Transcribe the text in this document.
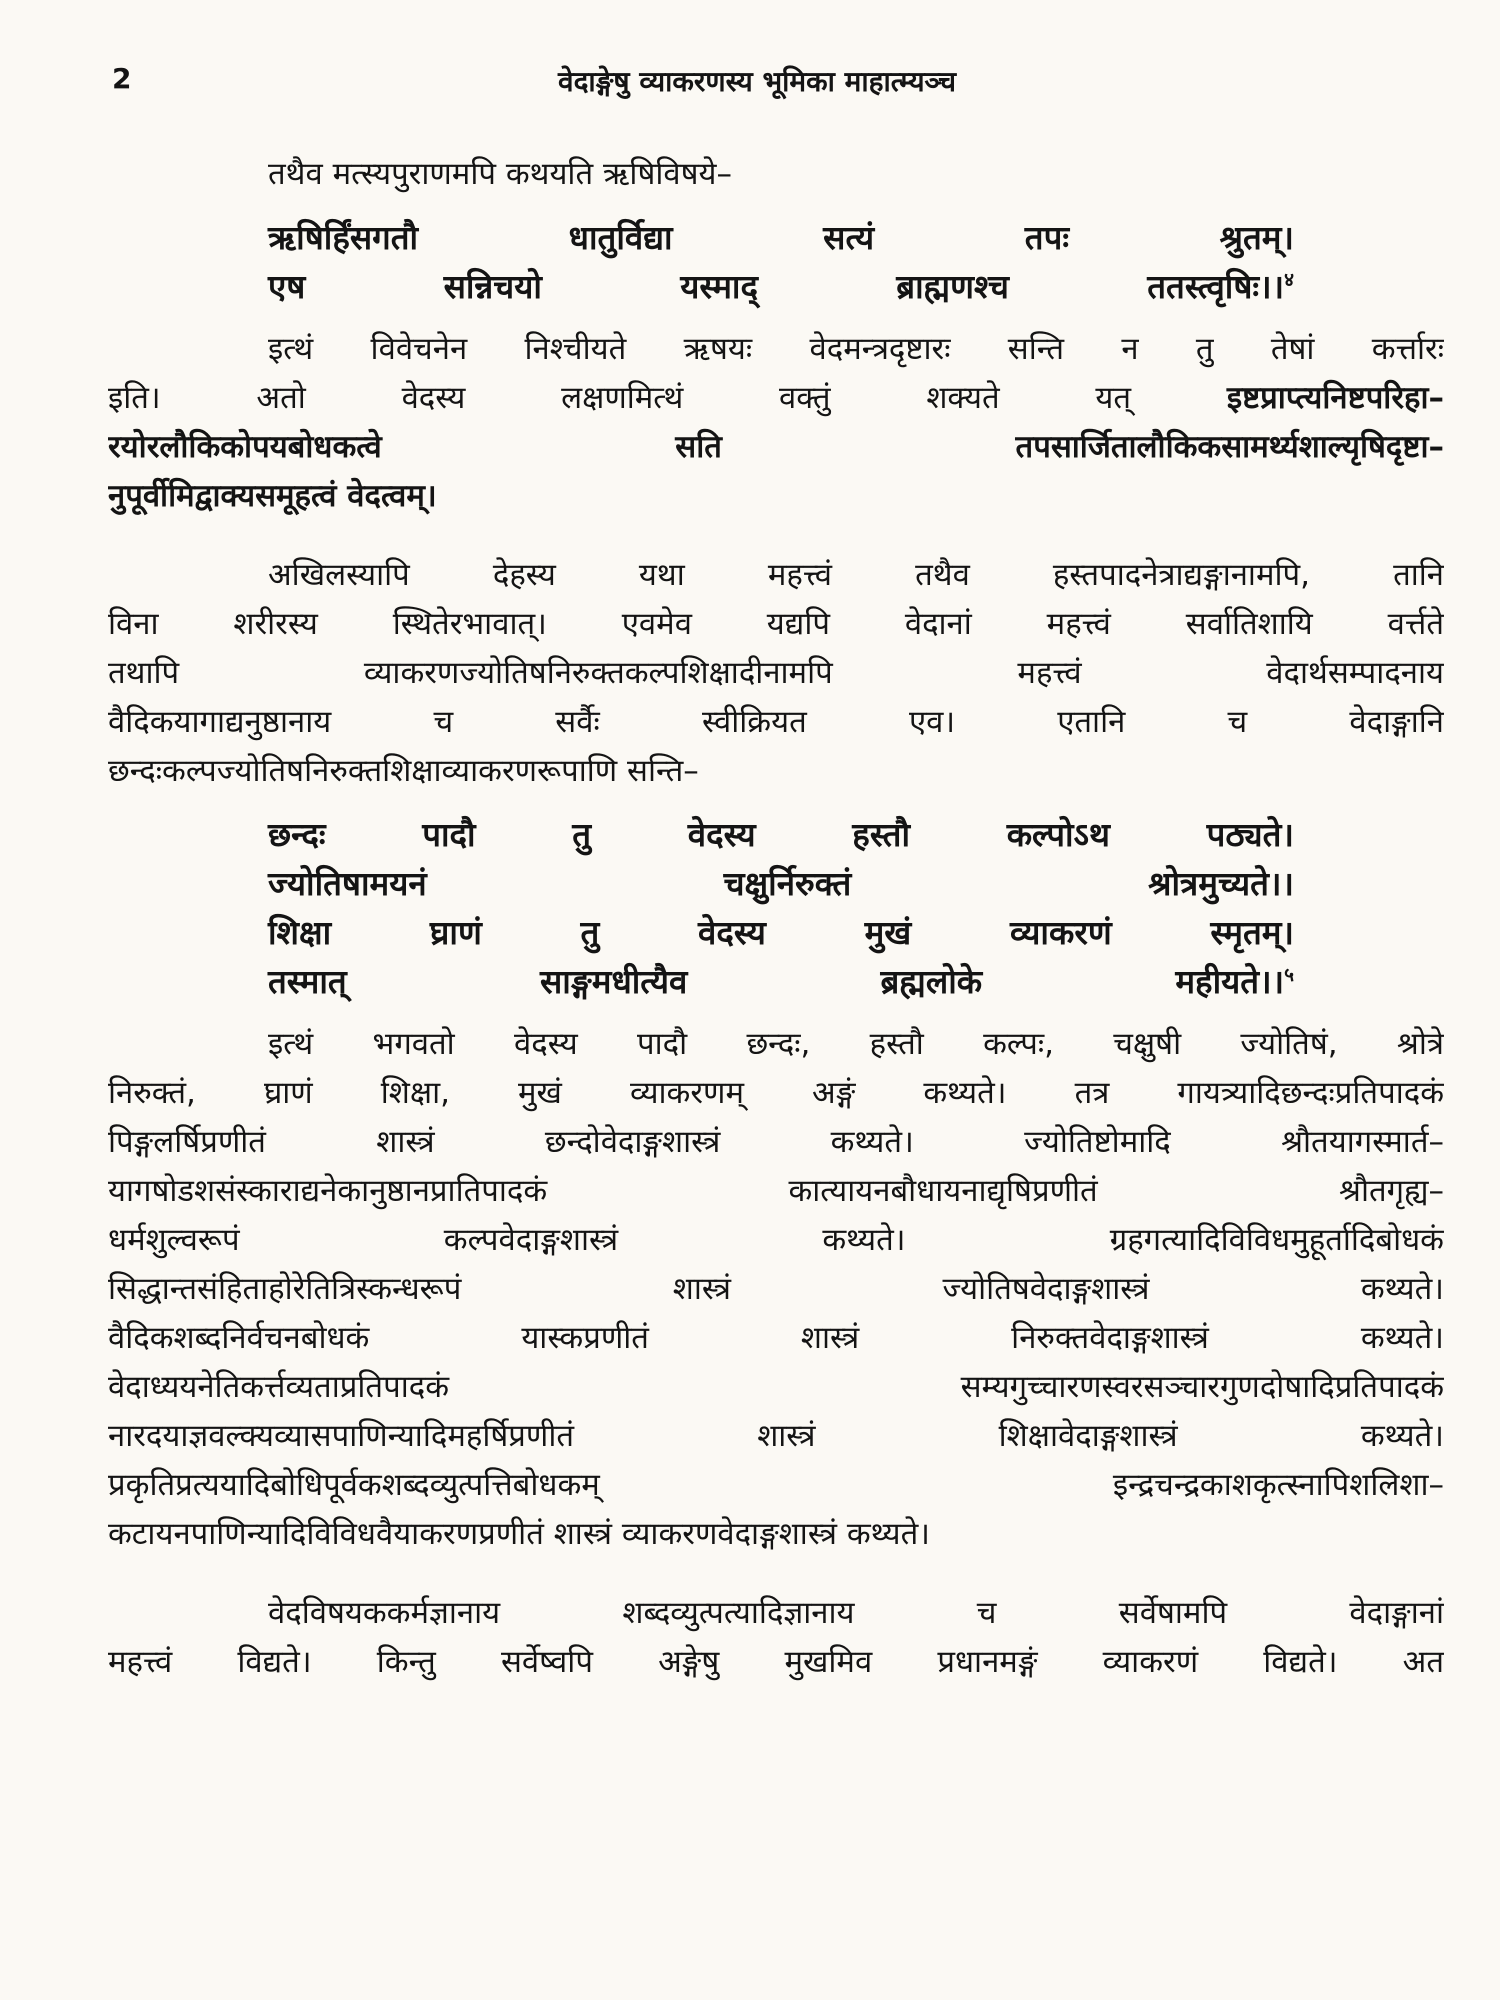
2	वेदाङ्गेषु व्याकरणस्य भूमिका माहात्म्यञ्च
तथैव मत्स्यपुराणमपि कथयति ऋषिविषये–
ऋषिर्हिंसगतौ धातुर्विद्या सत्यं तपः श्रुतम्।
एष सन्निचयो यस्माद् ब्राह्मणश्च ततस्त्वृषिः।।$^४$
इत्थं विवेचनेन निश्चीयते ऋषयः वेदमन्त्रदृष्टारः सन्ति न तु तेषां कर्त्तारः
इति। अतो वेदस्य लक्षणमित्थं वक्तुं शक्यते यत्	इष्टप्राप्त्यनिष्टपरिहा–
रयोरलौकिकोपयबोधकत्वे सति तपसार्जितालौकिकसामर्थ्यशाल्यृषिदृष्टा–
नुपूर्वीमिद्वाक्यसमूहत्वं वेदत्वम्।
अखिलस्यापि देहस्य यथा महत्त्वं तथैव हस्तपादनेत्राद्यङ्गानामपि, तानि
विना शरीरस्य स्थितेरभावात्। एवमेव यद्यपि वेदानां महत्त्वं सर्वातिशायि वर्त्तते
तथापि व्याकरणज्योतिषनिरुक्तकल्पशिक्षादीनामपि महत्त्वं वेदार्थसम्पादनाय
वैदिकयागाद्यनुष्ठानाय च सर्वैः स्वीक्रियत एव। एतानि च वेदाङ्गानि
छन्दःकल्पज्योतिषनिरुक्तशिक्षाव्याकरणरूपाणि सन्ति–
छन्दः पादौ तु वेदस्य हस्तौ कल्पोऽथ पठ्यते।
ज्योतिषामयनं चक्षुर्निरुक्तं श्रोत्रमुच्यते।।
शिक्षा घ्राणं तु वेदस्य मुखं व्याकरणं स्मृतम्।
तस्मात् साङ्गमधीत्यैव ब्रह्मलोके महीयते।।$^५$
इत्थं भगवतो वेदस्य पादौ छन्दः, हस्तौ कल्पः, चक्षुषी ज्योतिषं, श्रोत्रे
निरुक्तं, घ्राणं शिक्षा, मुखं व्याकरणम् अङ्गं कथ्यते। तत्र गायत्र्यादिछन्दःप्रतिपादकं
पिङ्गलर्षिप्रणीतं शास्त्रं छन्दोवेदाङ्गशास्त्रं कथ्यते। ज्योतिष्टोमादि श्रौतयागस्मार्त–
यागषोडशसंस्काराद्यनेकानुष्ठानप्रातिपादकं कात्यायनबौधायनाद्यृषिप्रणीतं श्रौतगृह्य–
धर्मशुल्वरूपं कल्पवेदाङ्गशास्त्रं कथ्यते। ग्रहगत्यादिविविधमुहूर्तादिबोधकं
सिद्धान्तसंहिताहोरेतित्रिस्कन्धरूपं शास्त्रं ज्योतिषवेदाङ्गशास्त्रं कथ्यते।
वैदिकशब्दनिर्वचनबोधकं यास्कप्रणीतं शास्त्रं निरुक्तवेदाङ्गशास्त्रं कथ्यते।
वेदाध्ययनेतिकर्त्तव्यताप्रतिपादकं सम्यगुच्चारणस्वरसञ्चारगुणदोषादिप्रतिपादकं
नारदयाज्ञवल्क्यव्यासपाणिन्यादिमहर्षिप्रणीतं शास्त्रं शिक्षावेदाङ्गशास्त्रं कथ्यते।
प्रकृतिप्रत्ययादिबोधिपूर्वकशब्दव्युत्पत्तिबोधकम् इन्द्रचन्द्रकाशकृत्स्नापिशलिशा–
कटायनपाणिन्यादिविविधवैयाकरणप्रणीतं शास्त्रं व्याकरणवेदाङ्गशास्त्रं कथ्यते।
वेदविषयककर्मज्ञानाय शब्दव्युत्पत्यादिज्ञानाय च सर्वेषामपि वेदाङ्गानां
महत्त्वं विद्यते। किन्तु सर्वेष्वपि अङ्गेषु मुखमिव प्रधानमङ्गं व्याकरणं विद्यते। अत
